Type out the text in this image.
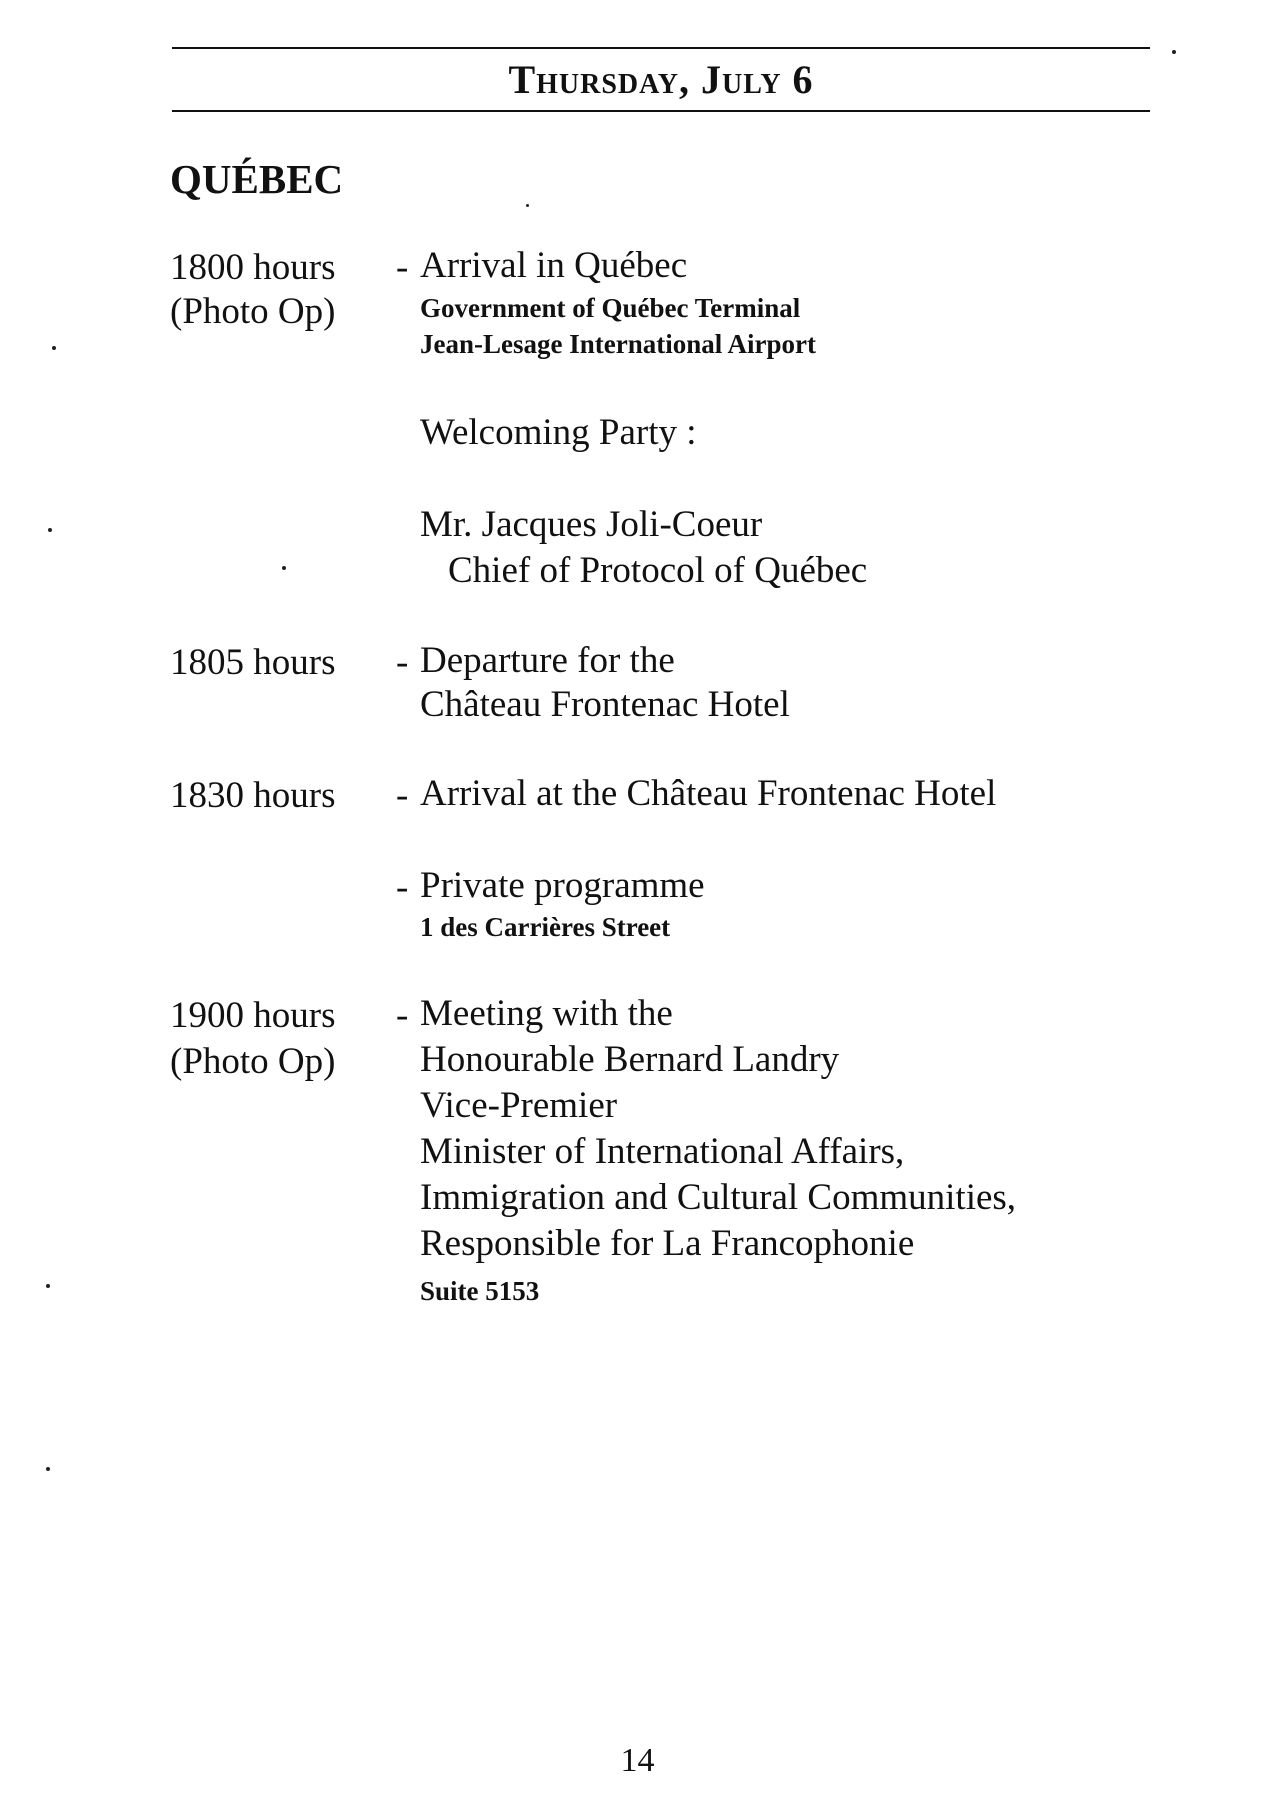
Thursday, July 6
QUÉBEC
1800 hours
(Photo Op)
- Arrival in Québec
Government of Québec Terminal
Jean-Lesage International Airport
Welcoming Party :
Mr. Jacques Joli-Coeur
Chief of Protocol of Québec
1805 hours - Departure for the
Château Frontenac Hotel
1830 hours - Arrival at the Château Frontenac Hotel
- Private programme
1 des Carrières Street
1900 hours
(Photo Op)
- Meeting with the
Honourable Bernard Landry
Vice-Premier
Minister of International Affairs,
Immigration and Cultural Communities,
Responsible for La Francophonie
Suite 5153
14
